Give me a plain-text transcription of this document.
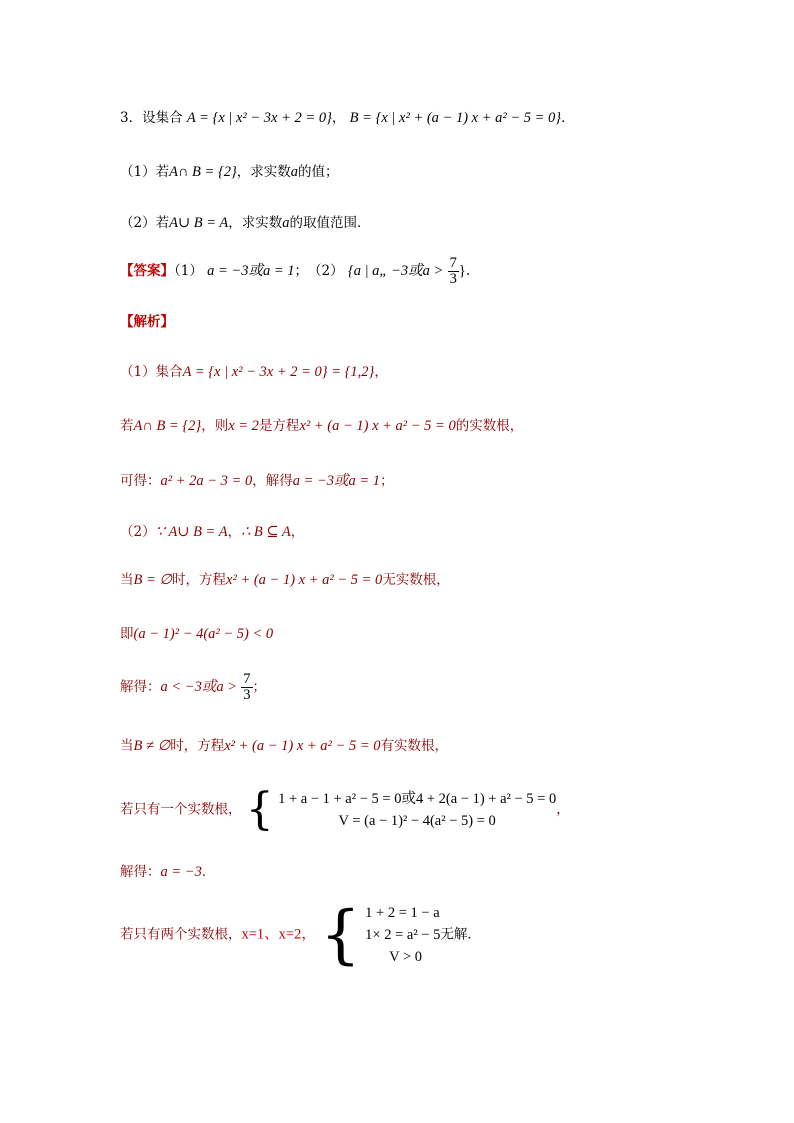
3．设集合 A = {x | x² − 3x + 2 = 0}， B = {x | x² + (a − 1) x + a² − 5 = 0}．
（1）若A∩ B = {2}，求实数a的值；
（2）若A∪ B = A，求实数a的取值范围．
【答案】（1） a = −3或a = 1；　（2） {a | a„ −3或$a > \frac{7}{3}$ }．
【解析】
（1）集合A = {x | x² − 3x + 2 = 0} = {1,2}，
若A∩ B = {2}，则x = 2是方程x² + (a − 1) x + a² − 5 = 0的实数根，
可得：a² + 2a − 3 = 0，解得a = −3或a = 1；
（2）∵ A∪ B = A，∴ B ⊆ A，
当B = ∅时，方程x² + (a − 1) x + a² − 5 = 0无实数根，
即(a − 1)² − 4(a² − 5) < 0
解得：a < −3或$a > \frac{7}{3}$ ；
当B ≠ ∅时，方程x² + (a − 1) x + a² − 5 = 0有实数根，
若只有一个实数根， { 1 + a − 1 + a² − 5 = 0或4 + 2(a − 1) + a² − 5 = 0
V = (a − 1)² − 4(a² − 5) = 0
，
解得：a = −3．
若只有两个实数根，x=1、x=2， { 1 + 2 = 1 − a
1× 2 = a² − 5
V > 0
无解．
